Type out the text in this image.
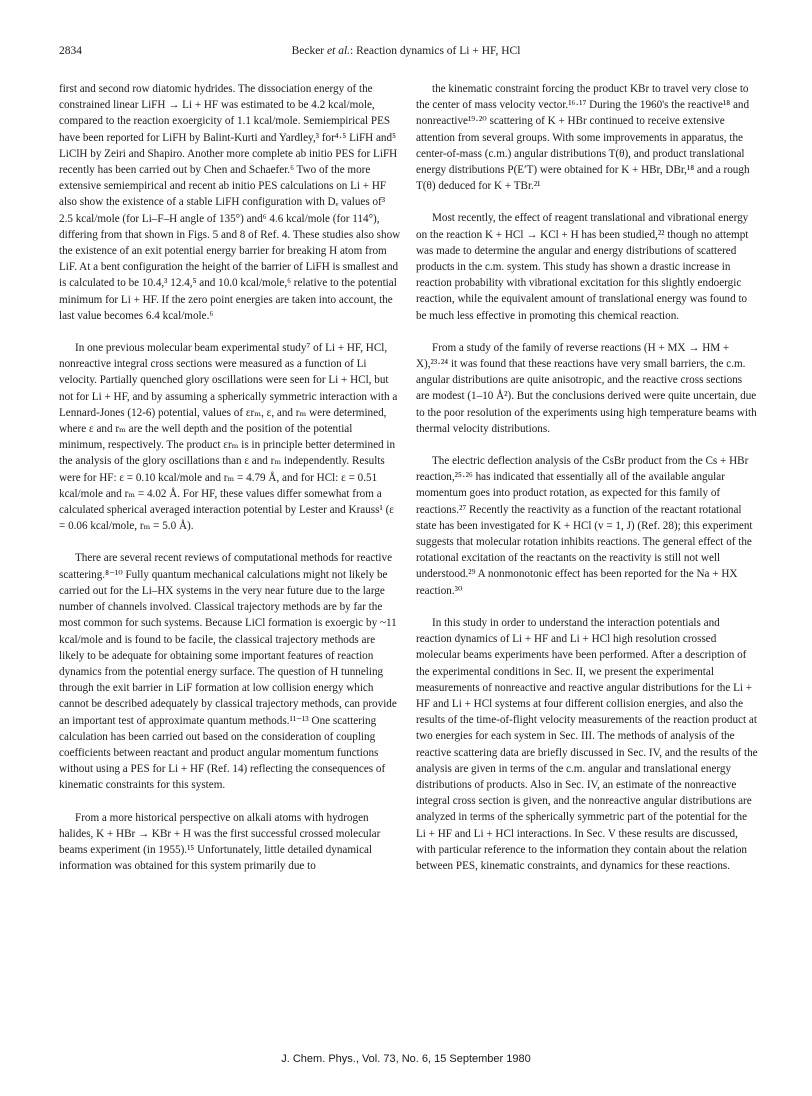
2834	Becker et al.: Reaction dynamics of Li + HF, HCl

first and second row diatomic hydrides. The dissociation energy of the constrained linear LiFH → Li + HF was estimated to be 4.2 kcal/mole, compared to the reaction exoergicity of 1.1 kcal/mole. Semiempirical PES have been reported for LiFH by Balint-Kurti and Yardley,³ for⁴·⁵ LiFH and⁵ LiClH by Zeiri and Shapiro. Another more complete ab initio PES for LiFH recently has been carried out by Chen and Schaefer.⁶ Two of the more extensive semiempirical and recent ab initio PES calculations on Li + HF also show the existence of a stable LiFH configuration with Dₑ values of³ 2.5 kcal/mole (for Li–F–H angle of 135°) and⁶ 4.6 kcal/mole (for 114°), differing from that shown in Figs. 5 and 8 of Ref. 4. These studies also show the existence of an exit potential energy barrier for breaking H atom from LiF. At a bent configuration the height of the barrier of LiFH is smallest and is calculated to be 10.4,³ 12.4,⁵ and 10.0 kcal/mole,⁶ relative to the potential minimum for Li + HF. If the zero point energies are taken into account, the last value becomes 6.4 kcal/mole.⁶

In one previous molecular beam experimental study⁷ of Li + HF, HCl, nonreactive integral cross sections were measured as a function of Li velocity. Partially quenched glory oscillations were seen for Li + HCl, but not for Li + HF, and by assuming a spherically symmetric interaction with a Lennard-Jones (12-6) potential, values of εrₘ, ε, and rₘ were determined, where ε and rₘ are the well depth and the position of the potential minimum, respectively. The product εrₘ is in principle better determined in the analysis of the glory oscillations than ε and rₘ independently. Results were for HF: ε = 0.10 kcal/mole and rₘ = 4.79 Å, and for HCl: ε = 0.51 kcal/mole and rₘ = 4.02 Å. For HF, these values differ somewhat from a calculated spherical averaged interaction potential by Lester and Krauss¹ (ε = 0.06 kcal/mole, rₘ = 5.0 Å).

There are several recent reviews of computational methods for reactive scattering.⁸⁻¹⁰ Fully quantum mechanical calculations might not likely be carried out for the Li–HX systems in the very near future due to the large number of channels involved. Classical trajectory methods are by far the most common for such systems. Because LiCl formation is exoergic by ~11 kcal/mole and is found to be facile, the classical trajectory methods are likely to be adequate for obtaining some important features of reaction dynamics from the potential energy surface. The question of H tunneling through the exit barrier in LiF formation at low collision energy which cannot be described adequately by classical trajectory methods, can provide an important test of approximate quantum methods.¹¹⁻¹³ One scattering calculation has been carried out based on the consideration of coupling coefficients between reactant and product angular momentum functions without using a PES for Li + HF (Ref. 14) reflecting the consequences of kinematic constraints for this system.

From a more historical perspective on alkali atoms with hydrogen halides, K + HBr → KBr + H was the first successful crossed molecular beams experiment (in 1955).¹⁵ Unfortunately, little detailed dynamical information was obtained for this system primarily due to

the kinematic constraint forcing the product KBr to travel very close to the center of mass velocity vector.¹⁶·¹⁷ During the 1960's the reactive¹⁸ and nonreactive¹⁹·²⁰ scattering of K + HBr continued to receive extensive attention from several groups. With some improvements in apparatus, the center-of-mass (c.m.) angular distributions T(θ), and product translational energy distributions P(E′T) were obtained for K + HBr, DBr,¹⁸ and a rough T(θ) deduced for K + TBr.²¹

Most recently, the effect of reagent translational and vibrational energy on the reaction K + HCl → KCl + H has been studied,²² though no attempt was made to determine the angular and energy distributions of scattered products in the c.m. system. This study has shown a drastic increase in reaction probability with vibrational excitation for this slightly endoergic reaction, while the equivalent amount of translational energy was found to be much less effective in promoting this chemical reaction.

From a study of the family of reverse reactions (H + MX → HM + X),²³·²⁴ it was found that these reactions have very small barriers, the c.m. angular distributions are quite anisotropic, and the reactive cross sections are modest (1–10 Å²). But the conclusions derived were quite uncertain, due to the poor resolution of the experiments using high temperature beams with thermal velocity distributions.

The electric deflection analysis of the CsBr product from the Cs + HBr reaction,²⁵·²⁶ has indicated that essentially all of the available angular momentum goes into product rotation, as expected for this family of reactions.²⁷ Recently the reactivity as a function of the reactant rotational state has been investigated for K + HCl (v = 1, J) (Ref. 28); this experiment suggests that molecular rotation inhibits reactions. The general effect of the rotational excitation of the reactants on the reactivity is still not well understood.²⁹ A nonmonotonic effect has been reported for the Na + HX reaction.³⁰

In this study in order to understand the interaction potentials and reaction dynamics of Li + HF and Li + HCl high resolution crossed molecular beams experiments have been performed. After a description of the experimental conditions in Sec. II, we present the experimental measurements of nonreactive and reactive angular distributions for the Li + HF and Li + HCl systems at four different collision energies, and also the results of the time-of-flight velocity measurements of the reaction product at two energies for each system in Sec. III. The methods of analysis of the reactive scattering data are briefly discussed in Sec. IV, and the results of the analysis are given in terms of the c.m. angular and translational energy distributions of products. Also in Sec. IV, an estimate of the nonreactive integral cross section is given, and the nonreactive angular distributions are analyzed in terms of the spherically symmetric part of the potential for the Li + HF and Li + HCl interactions. In Sec. V these results are discussed, with particular reference to the information they contain about the relation between PES, kinematic constraints, and dynamics for these reactions.

J. Chem. Phys., Vol. 73, No. 6, 15 September 1980
